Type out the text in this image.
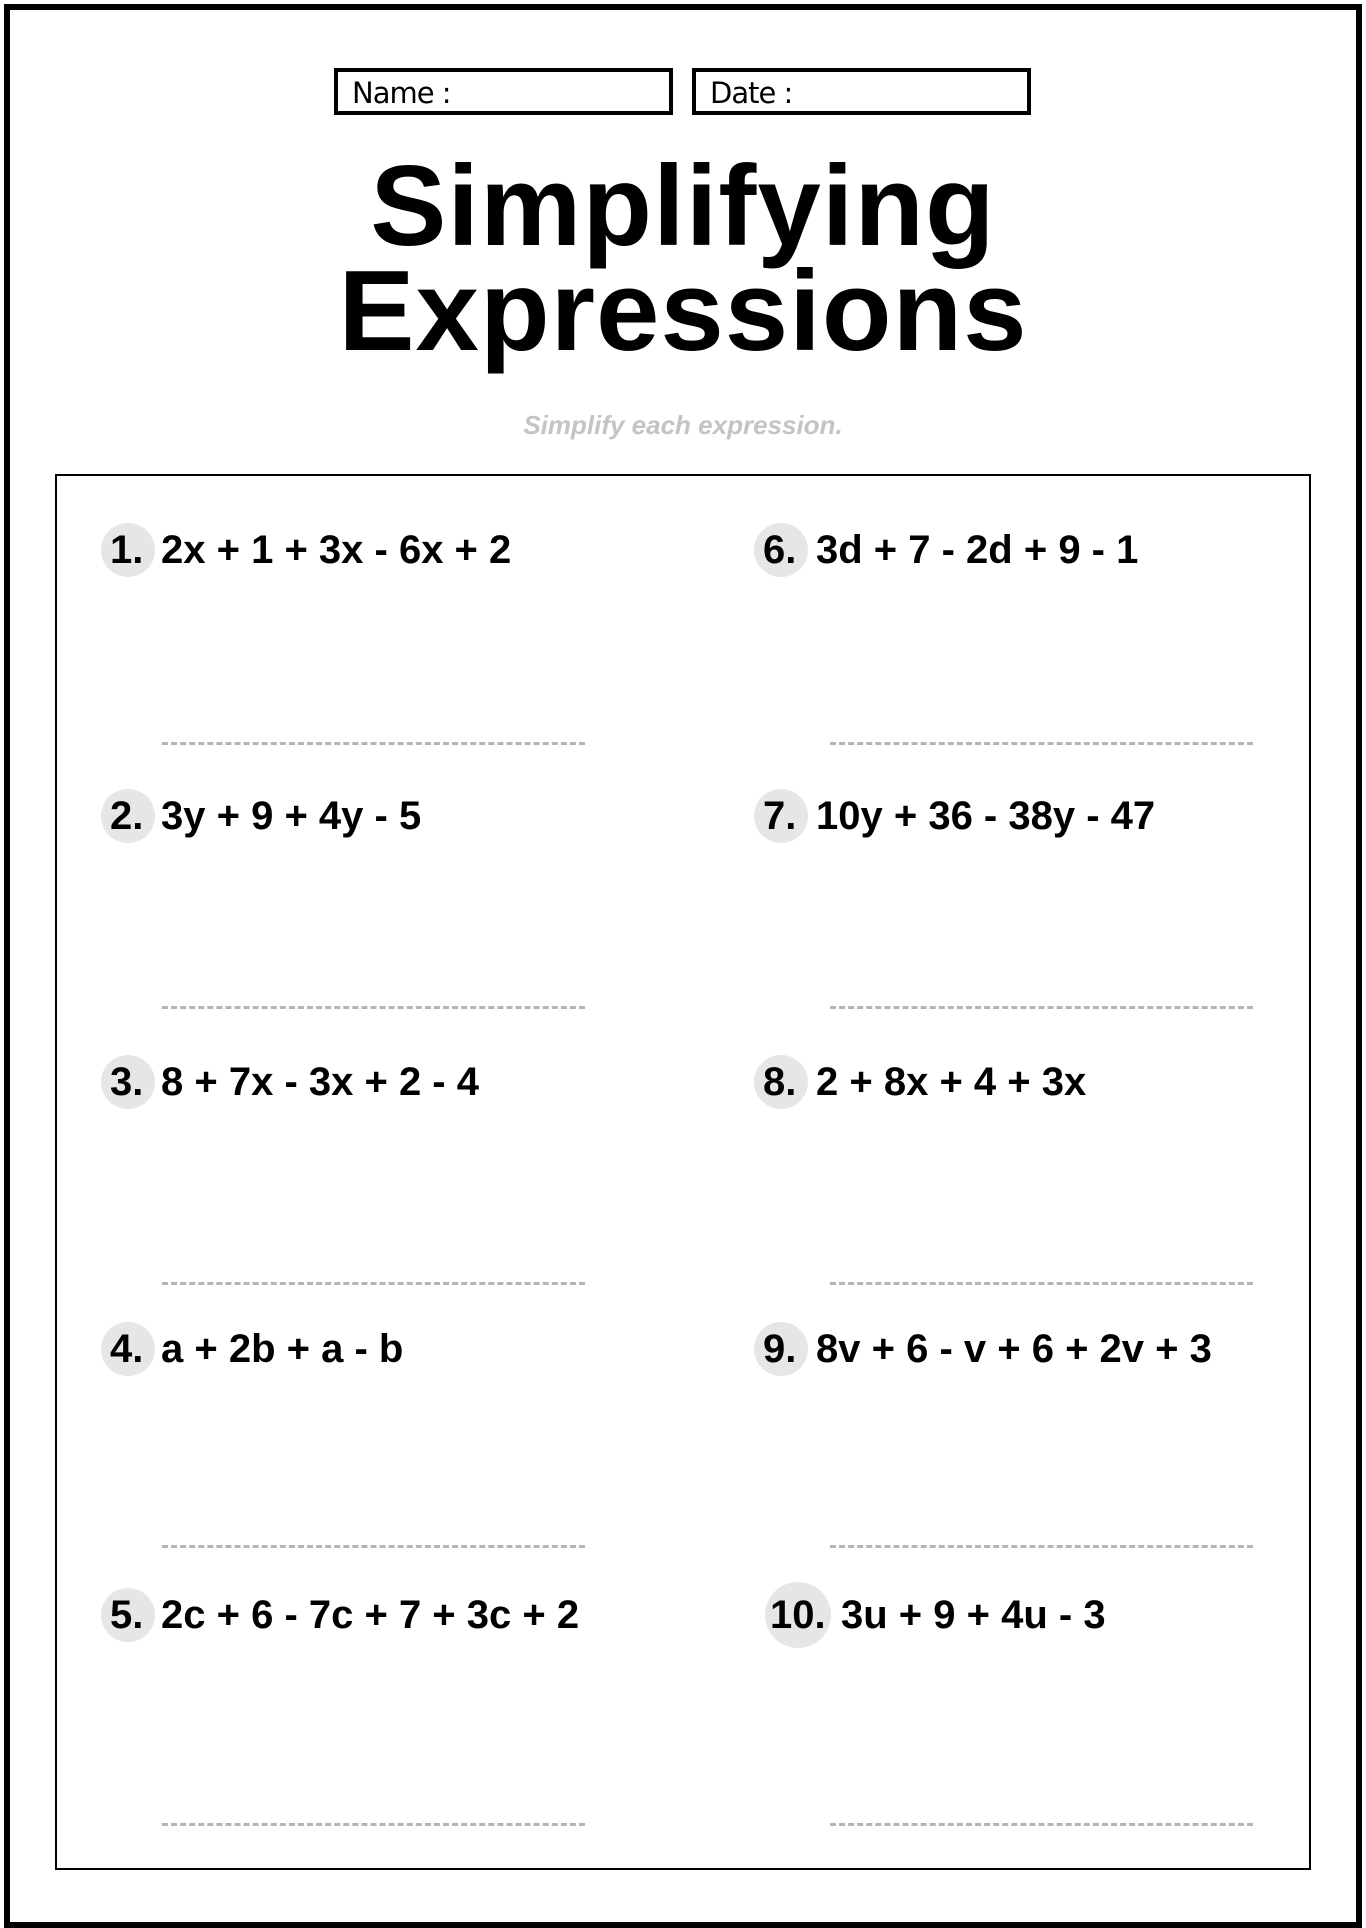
Name :	Date :
Simplifying
Expressions
Simplify each expression.
1. 2x + 1 + 3x - 6x + 2
2. 3y + 9 + 4y - 5
3. 8 + 7x - 3x + 2 - 4
4. a + 2b + a - b
5. 2c + 6 - 7c + 7 + 3c + 2
6. 3d + 7 - 2d + 9 - 1
7. 10y + 36 - 38y - 47
8. 2 + 8x + 4 + 3x
9. 8v + 6 - v + 6 + 2v + 3
10. 3u + 9 + 4u - 3
